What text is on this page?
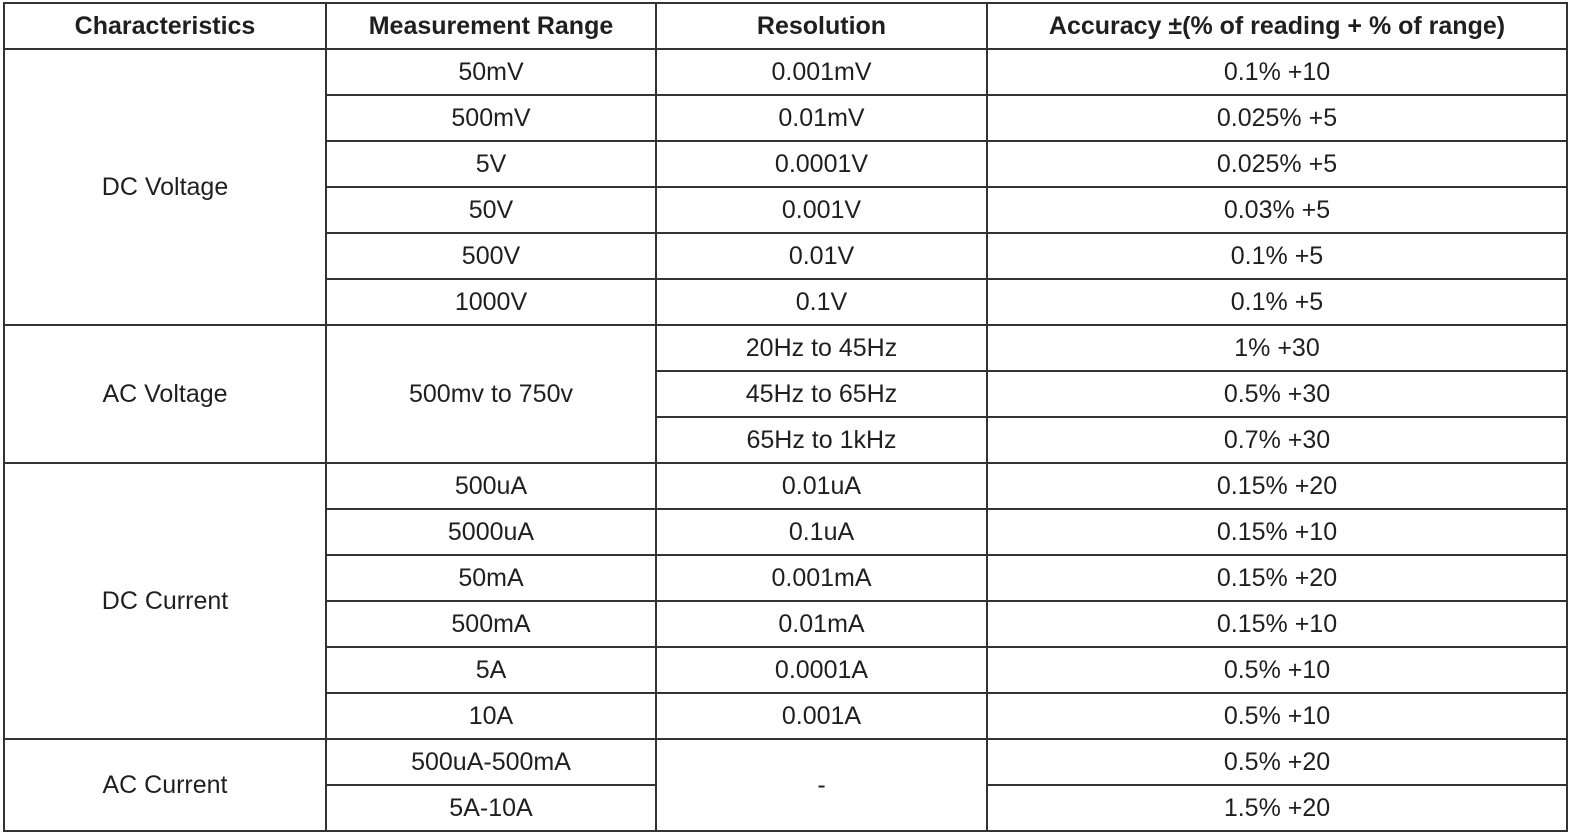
Characteristics	Measurement Range	Resolution	Accuracy ±(% of reading + % of range)
DC Voltage	50mV	0.001mV	0.1% +10
	500mV	0.01mV	0.025% +5
	5V	0.0001V	0.025% +5
	50V	0.001V	0.03% +5
	500V	0.01V	0.1% +5
	1000V	0.1V	0.1% +5
AC Voltage	500mv to 750v	20Hz to 45Hz	1% +30
		45Hz to 65Hz	0.5% +30
		65Hz to 1kHz	0.7% +30
DC Current	500uA	0.01uA	0.15% +20
	5000uA	0.1uA	0.15% +10
	50mA	0.001mA	0.15% +20
	500mA	0.01mA	0.15% +10
	5A	0.0001A	0.5% +10
	10A	0.001A	0.5% +10
AC Current	500uA-500mA	-	0.5% +20
	5A-10A		1.5% +20
